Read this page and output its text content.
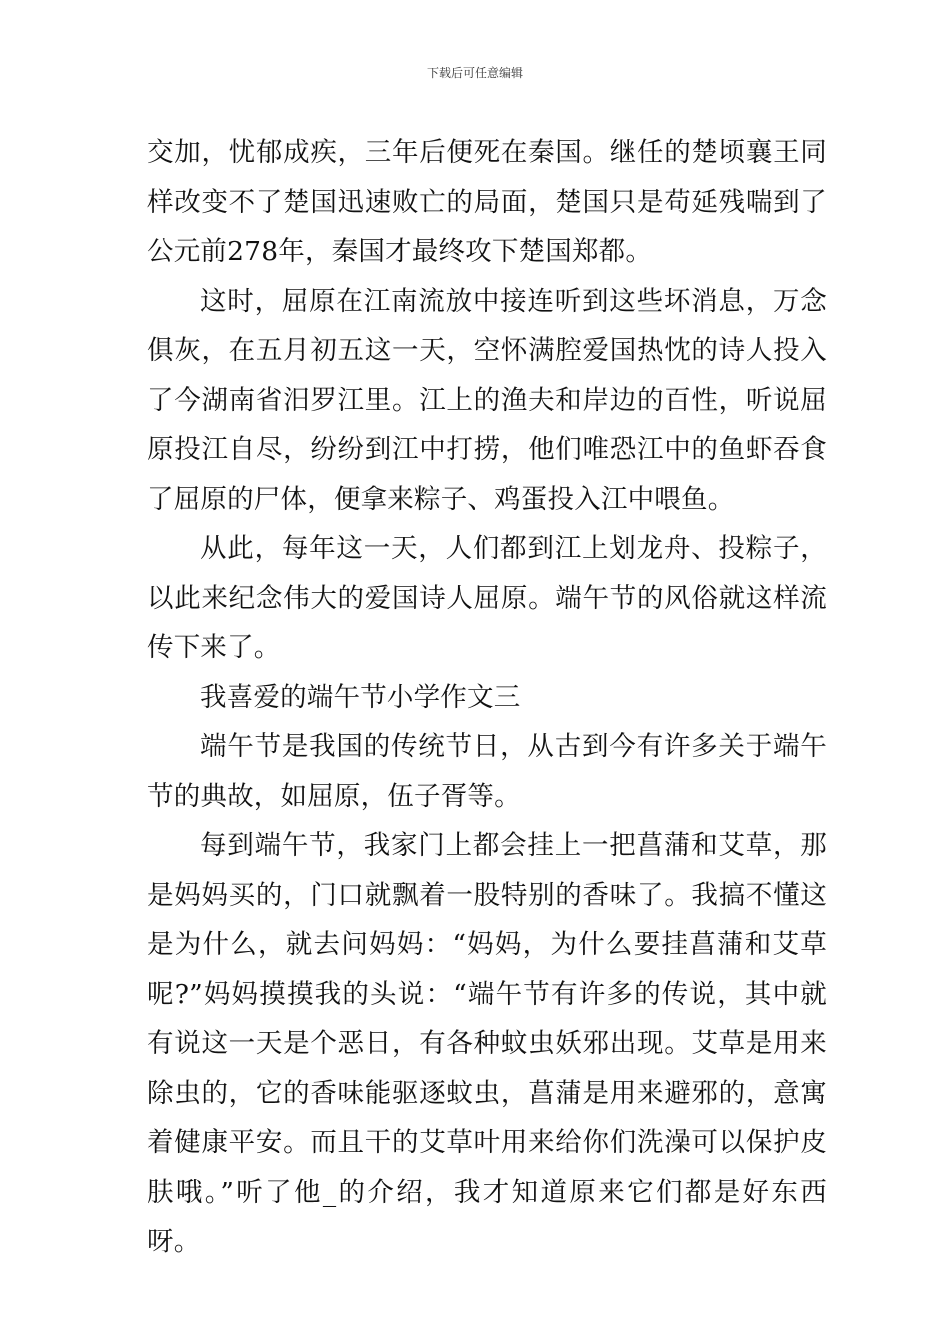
下载后可任意编辑

交加，忧郁成疾，三年后便死在秦国。继任的楚顷襄王同样改变不了楚国迅速败亡的局面，楚国只是苟延残喘到了公元前278年，秦国才最终攻下楚国郑都。

这时，屈原在江南流放中接连听到这些坏消息，万念俱灰，在五月初五这一天，空怀满腔爱国热忱的诗人投入了今湖南省汨罗江里。江上的渔夫和岸边的百性，听说屈原投江自尽，纷纷到江中打捞，他们唯恐江中的鱼虾吞食了屈原的尸体，便拿来粽子、鸡蛋投入江中喂鱼。

从此，每年这一天，人们都到江上划龙舟、投粽子，以此来纪念伟大的爱国诗人屈原。端午节的风俗就这样流传下来了。

我喜爱的端午节小学作文三

端午节是我国的传统节日，从古到今有许多关于端午节的典故，如屈原，伍子胥等。

每到端午节，我家门上都会挂上一把菖蒲和艾草，那是妈妈买的，门口就飘着一股特别的香味了。我搞不懂这是为什么，就去问妈妈：“妈妈，为什么要挂菖蒲和艾草呢?”妈妈摸摸我的头说：“端午节有许多的传说，其中就有说这一天是个恶日，有各种蚊虫妖邪出现。艾草是用来除虫的，它的香味能驱逐蚊虫，菖蒲是用来避邪的，意寓着健康平安。而且干的艾草叶用来给你们洗澡可以保护皮肤哦。”听了他_的介绍，我才知道原来它们都是好东西呀。
